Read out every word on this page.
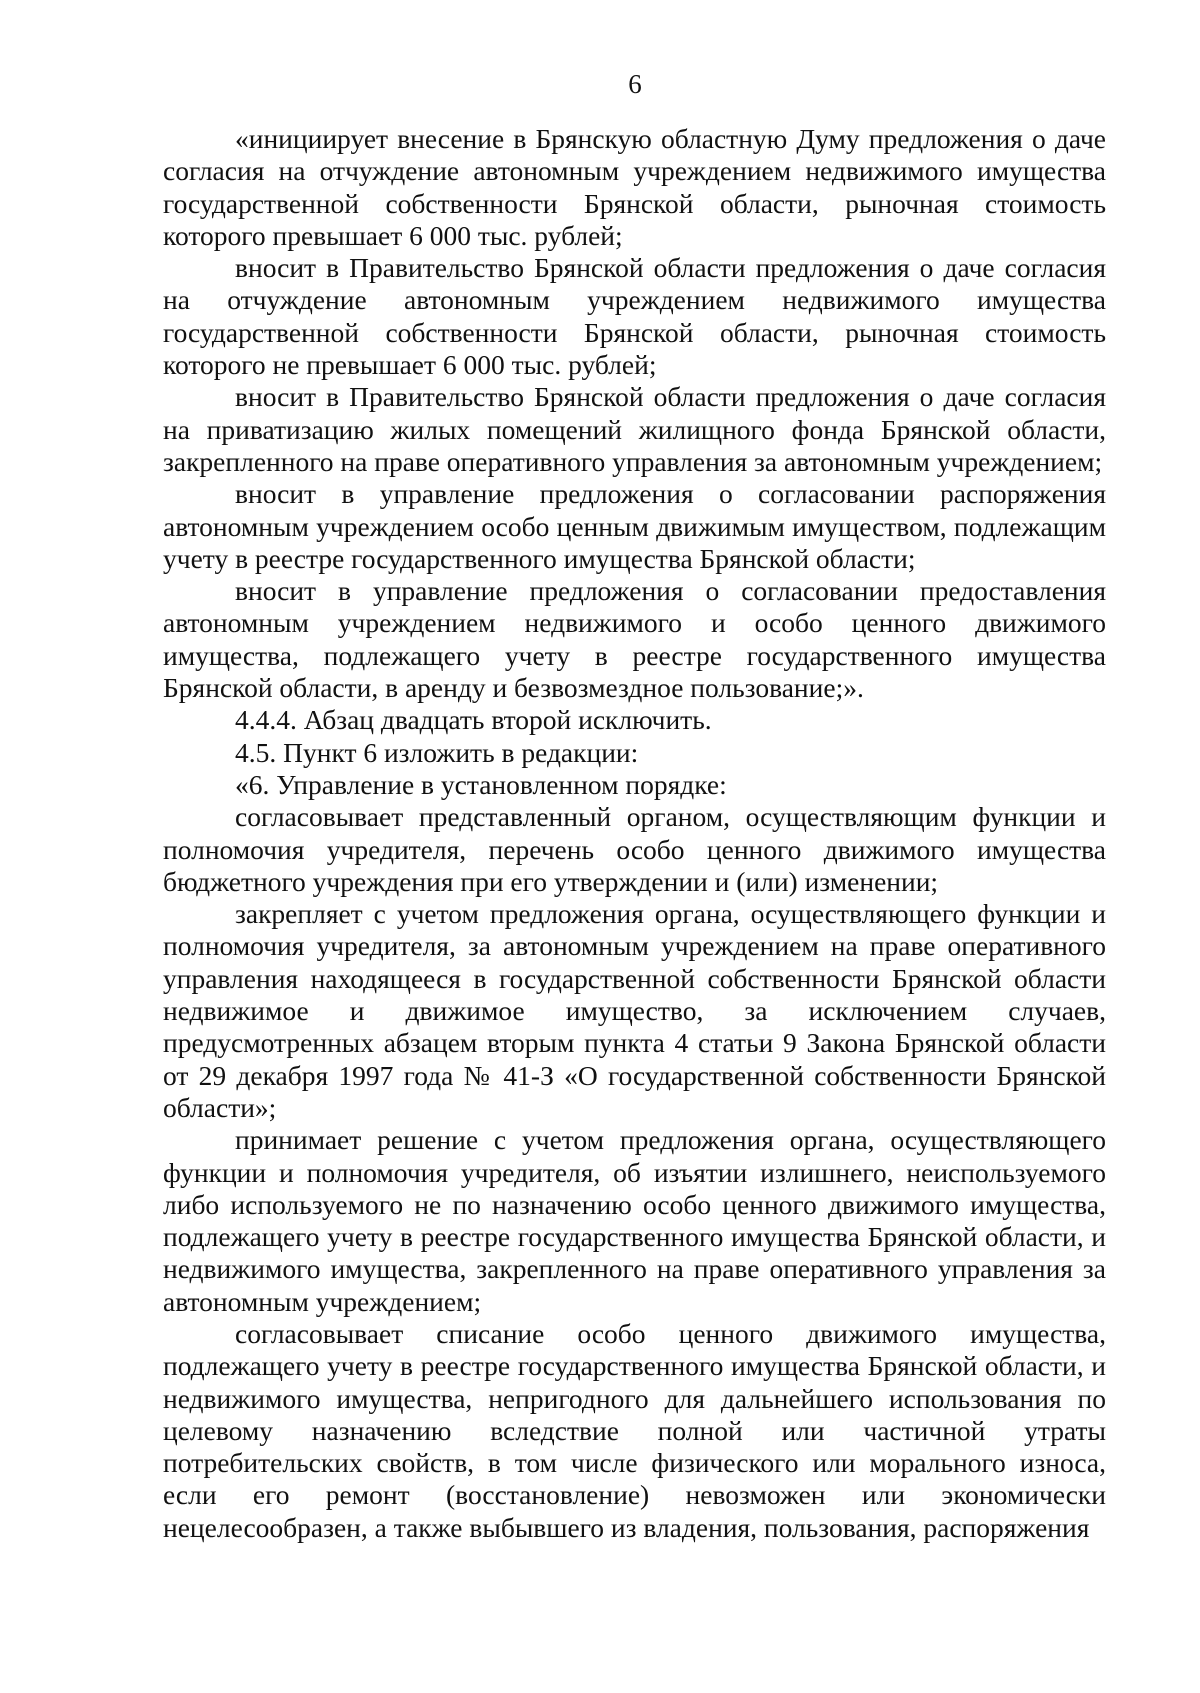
6

«инициирует внесение в Брянскую областную Думу предложения о даче согласия на отчуждение автономным учреждением недвижимого имущества государственной собственности Брянской области, рыночная стоимость которого превышает 6 000 тыс. рублей;

вносит в Правительство Брянской области предложения о даче согласия на отчуждение автономным учреждением недвижимого имущества государственной собственности Брянской области, рыночная стоимость которого не превышает 6 000 тыс. рублей;

вносит в Правительство Брянской области предложения о даче согласия на приватизацию жилых помещений жилищного фонда Брянской области, закрепленного на праве оперативного управления за автономным учреждением;

вносит в управление предложения о согласовании распоряжения автономным учреждением особо ценным движимым имуществом, подлежащим учету в реестре государственного имущества Брянской области;

вносит в управление предложения о согласовании предоставления автономным учреждением недвижимого и особо ценного движимого имущества, подлежащего учету в реестре государственного имущества Брянской области, в аренду и безвозмездное пользование;».

4.4.4. Абзац двадцать второй исключить.

4.5. Пункт 6 изложить в редакции:

«6. Управление в установленном порядке:

согласовывает представленный органом, осуществляющим функции и полномочия учредителя, перечень особо ценного движимого имущества бюджетного учреждения при его утверждении и (или) изменении;

закрепляет с учетом предложения органа, осуществляющего функции и полномочия учредителя, за автономным учреждением на праве оперативного управления находящееся в государственной собственности Брянской области недвижимое и движимое имущество, за исключением случаев, предусмотренных абзацем вторым пункта 4 статьи 9 Закона Брянской области от 29 декабря 1997 года № 41-З «О государственной собственности Брянской области»;

принимает решение с учетом предложения органа, осуществляющего функции и полномочия учредителя, об изъятии излишнего, неиспользуемого либо используемого не по назначению особо ценного движимого имущества, подлежащего учету в реестре государственного имущества Брянской области, и недвижимого имущества, закрепленного на праве оперативного управления за автономным учреждением;

согласовывает списание особо ценного движимого имущества, подлежащего учету в реестре государственного имущества Брянской области, и недвижимого имущества, непригодного для дальнейшего использования по целевому назначению вследствие полной или частичной утраты потребительских свойств, в том числе физического или морального износа, если его ремонт (восстановление) невозможен или экономически нецелесообразен, а также выбывшего из владения, пользования, распоряжения
